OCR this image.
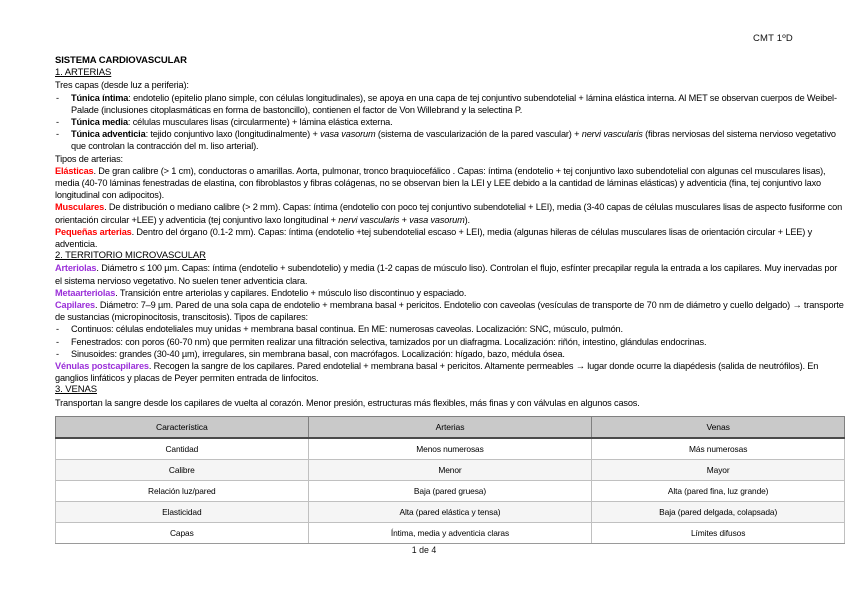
CMT 1ºD
SISTEMA CARDIOVASCULAR
1. ARTERIAS
Tres capas (desde luz a periferia):
- Túnica íntima: endotelio (epitelio plano simple, con células longitudinales), se apoya en una capa de tej conjuntivo subendotelial + lámina elástica interna. Al MET se observan cuerpos de Weibel-Palade (inclusiones citoplasmáticas en forma de bastoncillo), contienen el factor de Von Willebrand y la selectina P.
- Túnica media: células musculares lisas (circularmente) + lámina elástica externa.
- Túnica adventicia: tejido conjuntivo laxo (longitudinalmente) + vasa vasorum (sistema de vascularización de la pared vascular) + nervi vascularis (fibras nerviosas del sistema nervioso vegetativo que controlan la contracción del m. liso arterial).
Tipos de arterias:
Elásticas. De gran calibre (> 1 cm), conductoras o amarillas. Aorta, pulmonar, tronco braquiocefálico . Capas: íntima (endotelio + tej conjuntivo laxo subendotelial con algunas cel musculares lisas), media (40-70 láminas fenestradas de elastina, con fibroblastos y fibras colágenas, no se observan bien la LEI y LEE debido a la cantidad de láminas elásticas) y adventicia (fina, tej conjuntivo laxo longitudinal con adipocitos).
Musculares. De distribución o mediano calibre (> 2 mm). Capas: íntima (endotelio con poco tej conjuntivo subendotelial + LEI), media (3-40 capas de células musculares lisas de aspecto fusiforme con orientación circular +LEE) y adventicia (tej conjuntivo laxo longitudinal + nervi vascularis + vasa vasorum).
Pequeñas arterias. Dentro del órgano (0.1-2 mm). Capas: íntima (endotelio +tej subendotelial escaso + LEI), media (algunas hileras de células musculares lisas de orientación circular + LEE) y adventicia.
2. TERRITORIO MICROVASCULAR
Arteriolas. Diámetro ≤ 100 µm. Capas: íntima (endotelio + subendotelio) y media (1-2 capas de músculo liso). Controlan el flujo, esfínter precapilar regula la entrada a los capilares. Muy inervadas por el sistema nervioso vegetativo. No suelen tener adventicia clara.
Metaarteriolas. Transición entre arteriolas y capilares. Endotelio + músculo liso discontinuo y espaciado.
Capilares. Diámetro: 7–9 µm. Pared de una sola capa de endotelio + membrana basal + pericitos. Endotelio con caveolas (vesículas de transporte de 70 nm de diámetro y cuello delgado) → transporte de sustancias (micropinocitosis, transcitosis). Tipos de capilares:
- Continuos: células endoteliales muy unidas + membrana basal continua. En ME: numerosas caveolas. Localización: SNC, músculo, pulmón.
- Fenestrados: con poros (60-70 nm) que permiten realizar una filtración selectiva, tamizados por un diafragma. Localización: riñón, intestino, glándulas endocrinas.
- Sinusoides: grandes (30-40 µm), irregulares, sin membrana basal, con macrófagos. Localización: hígado, bazo, médula ósea.
Vénulas postcapilares. Recogen la sangre de los capilares. Pared endotelial + membrana basal + pericitos. Altamente permeables → lugar donde ocurre la diapédesis (salida de neutrófilos). En ganglios linfáticos y placas de Peyer permiten entrada de linfocitos.
3. VENAS
Transportan la sangre desde los capilares de vuelta al corazón. Menor presión, estructuras más flexibles, más finas y con válvulas en algunos casos.
Característica	Arterias	Venas
Cantidad	Menos numerosas	Más numerosas
Calibre	Menor	Mayor
Relación luz/pared	Baja (pared gruesa)	Alta (pared fina, luz grande)
Elasticidad	Alta (pared elástica y tensa)	Baja (pared delgada, colapsada)
Capas	Íntima, media y adventicia claras	Límites difusos
1 de 4
